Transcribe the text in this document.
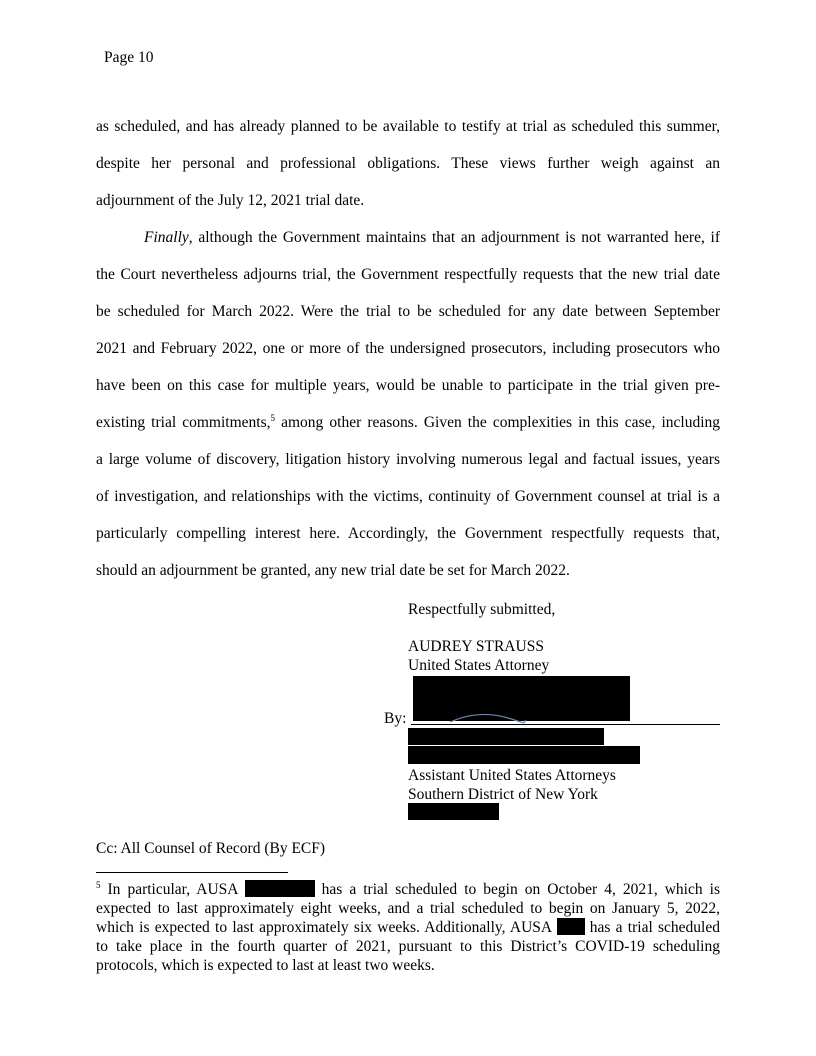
Page 10
as scheduled, and has already planned to be available to testify at trial as scheduled this summer,
despite her personal and professional obligations. These views further weigh against an
adjournment of the July 12, 2021 trial date.
Finally, although the Government maintains that an adjournment is not warranted here, if
the Court nevertheless adjourns trial, the Government respectfully requests that the new trial date
be scheduled for March 2022. Were the trial to be scheduled for any date between September
2021 and February 2022, one or more of the undersigned prosecutors, including prosecutors who
have been on this case for multiple years, would be unable to participate in the trial given pre-
existing trial commitments,$^5$ among other reasons. Given the complexities in this case, including
a large volume of discovery, litigation history involving numerous legal and factual issues, years
of investigation, and relationships with the victims, continuity of Government counsel at trial is a
particularly compelling interest here. Accordingly, the Government respectfully requests that,
should an adjournment be granted, any new trial date be set for March 2022.
Respectfully submitted,
AUDREY STRAUSS
United States Attorney
By:
Assistant United States Attorneys
Southern District of New York
Cc: All Counsel of Record (By ECF)
$^5$ In particular, AUSA	has a trial scheduled to begin on October 4, 2021, which is
expected to last approximately eight weeks, and a trial scheduled to begin on January 5, 2022,
which is expected to last approximately six weeks. Additionally, AUSA  has a trial scheduled
to take place in the fourth quarter of 2021, pursuant to this District’s COVID-19 scheduling
protocols, which is expected to last at least two weeks.
